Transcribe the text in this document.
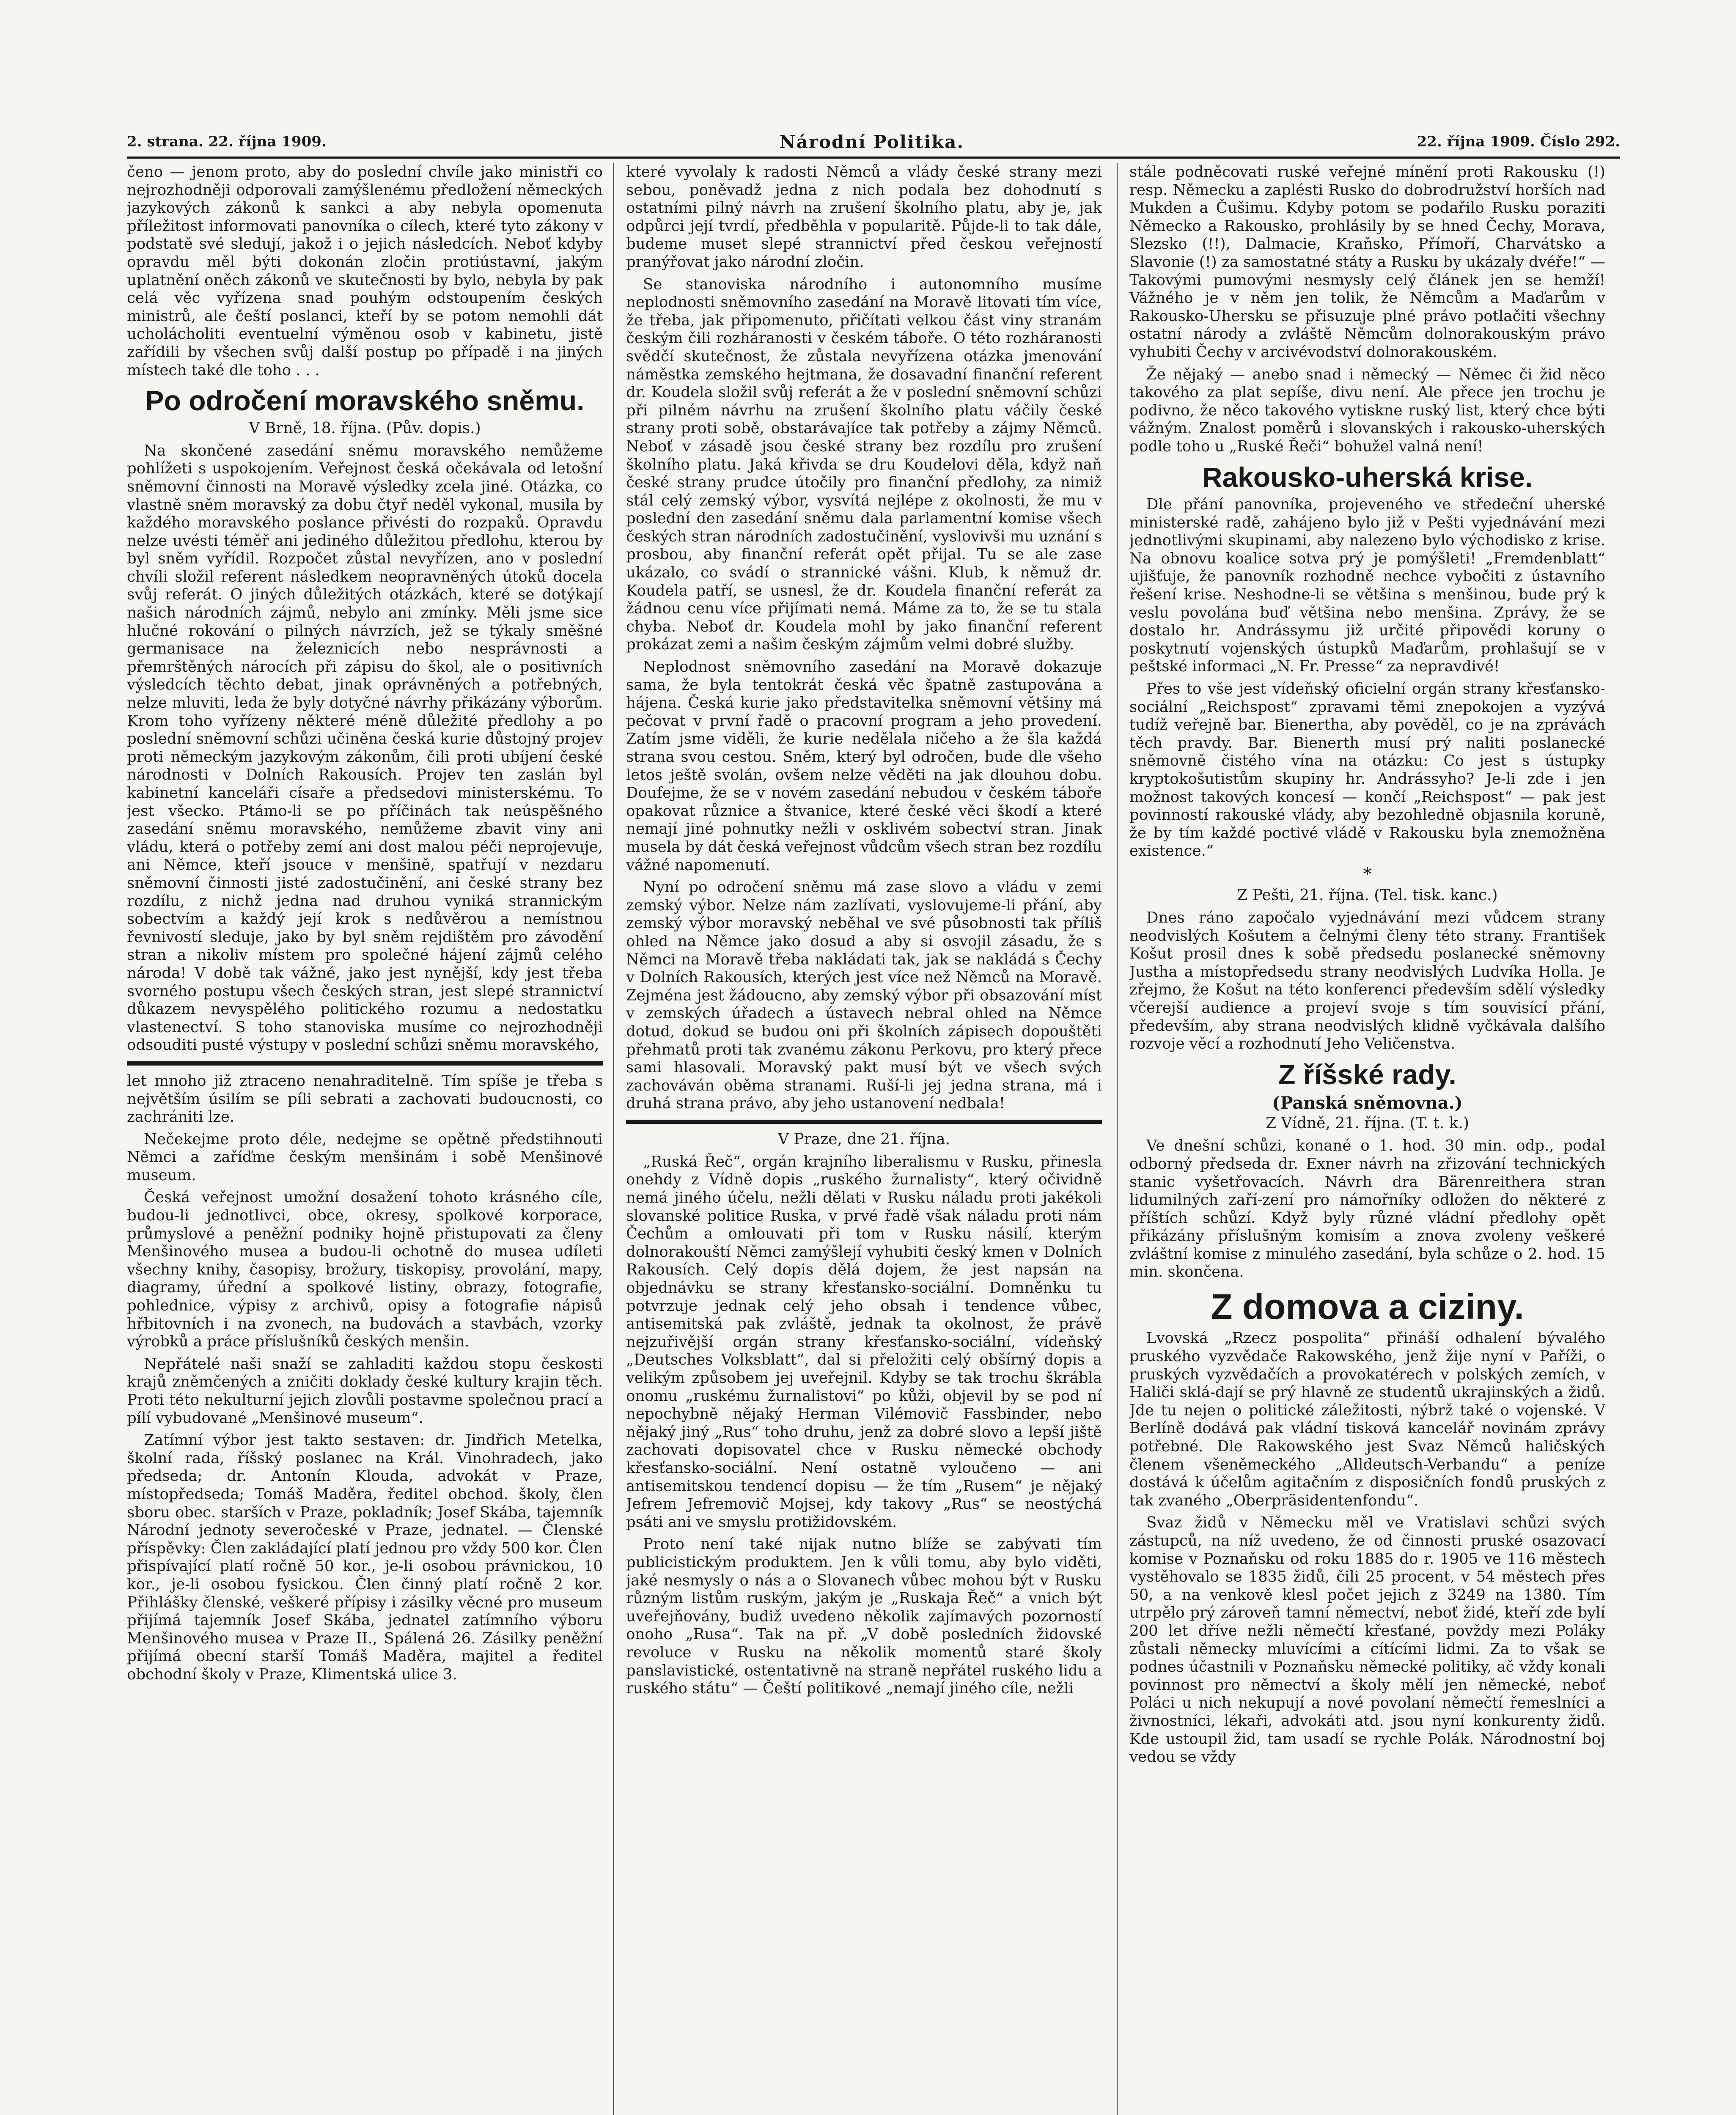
2. strana. 22. října 1909.	Národní Politika.	22. října 1909. Číslo 292.

čeno — jenom proto, aby do poslední chvíle jako ministři co nejrozhodněji odporovali zamýšlenému předložení německých jazykových zákonů k sankci a aby nebyla opomenuta příležitost informovati panovníka o cílech, které tyto zákony v podstatě své sledují, jakož i o jejich následcích. Neboť kdyby opravdu měl býti dokonán zločin protiústavní, jakým uplatnění oněch zákonů ve skutečnosti by bylo, nebyla by pak celá věc vyřízena snad pouhým odstoupením českých ministrů, ale čeští poslanci, kteří by se potom nemohli dát ucholácholiti eventuelní výměnou osob v kabinetu, jistě zařídili by všechen svůj další postup po případě i na jiných místech také dle toho . . .

Po odročení moravského sněmu.
V Brně, 18. října. (Pův. dopis.)

Na skončené zasedání sněmu moravského nemůžeme pohlížeti s uspokojením. Veřejnost česká očekávala od letošní sněmovní činnosti na Moravě výsledky zcela jiné. Otázka, co vlastně sněm moravský za dobu čtyř neděl vykonal, musila by každého moravského poslance přivésti do rozpaků. Opravdu nelze uvésti téměř ani jediného důležitou předlohu, kterou by byl sněm vyřídil. Rozpočet zůstal nevyřízen, ano v poslední chvíli složil referent následkem neopravněných útoků docela svůj referát. O jiných důležitých otázkách, které se dotýkají našich národních zájmů, nebylo ani zmínky. Měli jsme sice hlučné rokování o pilných návrzích, jež se týkaly směšné germanisace na železnicích nebo nesprávnosti a přemrštěných nárocích při zápisu do škol, ale o positivních výsledcích těchto debat, jinak oprávněných a potřebných, nelze mluviti, leda že byly dotyčné návrhy přikázány výborům. Krom toho vyřízeny některé méně důležité předlohy a po poslední sněmovní schůzi učiněna česká kurie důstojný projev proti německým jazykovým zákonům, čili proti ubíjení české národnosti v Dolních Rakousích. Projev ten zaslán byl kabinetní kanceláři císaře a předsedovi ministerskému. To jest všecko. Ptámo-li se po příčinách tak neúspěšného zasedání sněmu moravského, nemůžeme zbavit viny ani vládu, která o potřeby zemí ani dost malou péči neprojevuje, ani Němce, kteří jsouce v menšině, spatřují v nezdaru sněmovní činnosti jisté zadostučinění, ani české strany bez rozdílu, z nichž jedna nad druhou vyniká strannickým sobectvím a každý její krok s nedůvěrou a nemístnou řevnivostí sleduje, jako by byl sněm rejdištěm pro závodění stran a nikoliv místem pro společné hájení zájmů celého národa! V době tak vážné, jako jest nynější, kdy jest třeba svorného postupu všech českých stran, jest slepé strannictví důkazem nevyspělého politického rozumu a nedostatku vlastenectví. S toho stanoviska musíme co nejrozhodněji odsouditi pusté výstupy v poslední schůzi sněmu moravského,

let mnoho již ztraceno nenahraditelně. Tím spíše je třeba s největším úsilím se píli sebrati a zachovati budoucnosti, co zachrániti lze.

Nečekejme proto déle, nedejme se opětně předstihnouti Němci a zaříďme českým menšinám i sobě Menšinové museum.

Česká veřejnost umožní dosažení tohoto krásného cíle, budou-li jednotlivci, obce, okresy, spolkové korporace, průmyslové a peněžní podniky hojně přistupovati za členy Menšinového musea a budou-li ochotně do musea udíleti všechny knihy, časopisy, brožury, tiskopisy, provolání, mapy, diagramy, úřední a spolkové listiny, obrazy, fotografie, pohlednice, výpisy z archivů, opisy a fotografie nápisů hřbitovních i na zvonech, na budovách a stavbách, vzorky výrobků a práce příslušníků českých menšin.

Nepřátelé naši snaží se zahladiti každou stopu českosti krajů zněmčených a zničiti doklady české kultury krajin těch. Proti této nekulturní jejich zlovůli postavme společnou prací a pílí vybudované „Menšinové museum“.

Zatímní výbor jest takto sestaven: dr. Jindřich Metelka, školní rada, říšský poslanec na Král. Vinohradech, jako předseda; dr. Antonín Klouda, advokát v Praze, místopředseda; Tomáš Maděra, ředitel obchod. školy, člen sboru obec. starších v Praze, pokladník; Josef Skába, tajemník Národní jednoty severočeské v Praze, jednatel. — Členské příspěvky: Člen zakládající platí jednou pro vždy 500 kor. Člen přispívající platí ročně 50 kor., je-li osobou právnickou, 10 kor., je-li osobou fysickou. Člen činný platí ročně 2 kor. Přihlášky členské, veškeré přípisy i zásilky věcné pro museum přijímá tajemník Josef Skába, jednatel zatímního výboru Menšinového musea v Praze II., Spálená 26. Zásilky peněžní přijímá obecní starší Tomáš Maděra, majitel a ředitel obchodní školy v Praze, Klimentská ulice 3.

které vyvolaly k radosti Němců a vlády české strany mezi sebou, poněvadž jedna z nich podala bez dohodnutí s ostatními pilný návrh na zrušení školního platu, aby je, jak odpůrci její tvrdí, předběhla v popularitě. Půjde-li to tak dále, budeme muset slepé strannictví před českou veřejností pranýřovat jako národní zločin.

Se stanoviska národního i autonomního musíme neplodnosti sněmovního zasedání na Moravě litovati tím více, že třeba, jak připomenuto, přičítati velkou část viny stranám českým čili rozháranosti v českém táboře. O této rozháranosti svědčí skutečnost, že zůstala nevyřízena otázka jmenování náměstka zemského hejtmana, že dosavadní finanční referent dr. Koudela složil svůj referát a že v poslední sněmovní schůzi při pilném návrhu na zrušení školního platu váčily české strany proti sobě, obstarávajíce tak potřeby a zájmy Němců. Neboť v zásadě jsou české strany bez rozdílu pro zrušení školního platu. Jaká křivda se dru Koudelovi děla, když naň české strany prudce útočily pro finanční předlohy, za nimiž stál celý zemský výbor, vysvítá nejlépe z okolnosti, že mu v poslední den zasedání sněmu dala parlamentní komise všech českých stran národních zadostučinění, vyslovivši mu uznání s prosbou, aby finanční referát opět přijal. Tu se ale zase ukázalo, co svádí o strannické vášni. Klub, k němuž dr. Koudela patří, se usnesl, že dr. Koudela finanční referát za žádnou cenu více přijímati nemá. Máme za to, že se tu stala chyba. Neboť dr. Koudela mohl by jako finanční referent prokázat zemi a našim českým zájmům velmi dobré služby.

Neplodnost sněmovního zasedání na Moravě dokazuje sama, že byla tentokrát česká věc špatně zastupována a hájena. Česká kurie jako představitelka sněmovní většiny má pečovat v první řadě o pracovní program a jeho provedení. Zatím jsme viděli, že kurie nedělala ničeho a že šla každá strana svou cestou. Sněm, který byl odročen, bude dle všeho letos ještě svolán, ovšem nelze věděti na jak dlouhou dobu. Doufejme, že se v novém zasedání nebudou v českém táboře opakovat různice a štvanice, které české věci škodí a které nemají jiné pohnutky nežli v osklivém sobectví stran. Jinak musela by dát česká veřejnost vůdcům všech stran bez rozdílu vážné napomenutí.

Nyní po odročení sněmu má zase slovo a vládu v zemi zemský výbor. Nelze nám zazlívati, vyslovujeme-li přání, aby zemský výbor moravský neběhal ve své působnosti tak příliš ohled na Němce jako dosud a aby si osvojil zásadu, že s Němci na Moravě třeba nakládati tak, jak se nakládá s Čechy v Dolních Rakousích, kterých jest více než Němců na Moravě. Zejména jest žádoucno, aby zemský výbor při obsazování míst v zemských úřadech a ústavech nebral ohled na Němce dotud, dokud se budou oni při školních zápisech dopouštěti přehmatů proti tak zvanému zákonu Perkovu, pro který přece sami hlasovali. Moravský pakt musí být ve všech svých zachováván oběma stranami. Ruší-li jej jedna strana, má i druhá strana právo, aby jeho ustanovení nedbala!

V Praze, dne 21. října.

„Ruská Řeč“, orgán krajního liberalismu v Rusku, přinesla onehdy z Vídně dopis „ruského žurnalisty“, který očividně nemá jiného účelu, nežli dělati v Rusku náladu proti jakékoli slovanské politice Ruska, v prvé řadě však náladu proti nám Čechům a omlouvati při tom v Rusku násilí, kterým dolnorakouští Němci zamýšlejí vyhubiti český kmen v Dolních Rakousích. Celý dopis dělá dojem, že jest napsán na objednávku se strany křesťansko-sociální. Domněnku tu potvrzuje jednak celý jeho obsah i tendence vůbec, antisemitská pak zvláště, jednak ta okolnost, že právě nejzuřivější orgán strany křesťansko-sociální, vídeňský „Deutsches Volksblatt“, dal si přeložiti celý obšírný dopis a velikým způsobem jej uveřejnil. Kdyby se tak trochu škrábla onomu „ruskému žurnalistovi“ po kůži, objevil by se pod ní nepochybně nějaký Herman Vilémovič Fassbinder, nebo nějaký jiný „Rus“ toho druhu, jenž za dobré slovo a lepší jiště zachovati dopisovatel chce v Rusku německé obchody křesťansko-sociální. Není ostatně vyloučeno — ani antisemitskou tendencí dopisu — že tím „Rusem“ je nějaký Jefrem Jefremovič Mojsej, kdy takovy „Rus“ se neostýchá psáti ani ve smyslu protižidovském.

Proto není také nijak nutno blíže se zabývati tím publicistickým produktem. Jen k vůli tomu, aby bylo viděti, jaké nesmysly o nás a o Slovanech vůbec mohou být v Rusku různým listům ruským, jakým je „Ruskaja Řeč“ a vnich být uveřejňovány, budiž uvedeno několik zajímavých pozorností onoho „Rusa“. Tak na př. „V době posledních židovské revoluce v Rusku na několik momentů staré školy panslavistické, ostentativně na straně nepřátel ruského lidu a ruského státu“ — Čeští politikové „nemají jiného cíle, nežli

stále podněcovati ruské veřejné mínění proti Rakousku (!) resp. Německu a zaplésti Rusko do dobrodružství horších nad Mukden a Čušimu. Kdyby potom se podařilo Rusku poraziti Německo a Rakousko, prohlásily by se hned Čechy, Morava, Slezsko (!!), Dalmacie, Kraňsko, Přímoří, Charvátsko a Slavonie (!) za samostatné státy a Rusku by ukázaly dvéře!“ — Takovými pumovými nesmysly celý článek jen se hemží! Vážného je v něm jen tolik, že Němcům a Maďarům v Rakousko-Uhersku se přisuzuje plné právo potlačiti všechny ostatní národy a zvláště Němcům dolnorakouským právo vyhubiti Čechy v arcivévodství dolnorakouském.

Že nějaký — anebo snad i německý — Němec či žid něco takového za plat sepíše, divu není. Ale přece jen trochu je podivno, že něco takového vytiskne ruský list, který chce býti vážným. Znalost poměrů i slovanských i rakousko-uherských podle toho u „Ruské Řeči“ bohužel valná není!

Rakousko-uherská krise.

Dle přání panovníka, projeveného ve středeční uherské ministerské radě, zahájeno bylo již v Pešti vyjednávání mezi jednotlivými skupinami, aby nalezeno bylo východisko z krise. Na obnovu koalice sotva prý je pomýšleti! „Fremdenblatt“ ujišťuje, že panovník rozhodně nechce vybočiti z ústavního řešení krise. Neshodne-li se většina s menšinou, bude prý k veslu povolána buď většina nebo menšina. Zprávy, že se dostalo hr. Andrássymu již určité připovědi koruny o poskytnutí vojenských ústupků Maďarům, prohlašují se v peštské informaci „N. Fr. Presse“ za nepravdivé!

Přes to vše jest vídeňský oficielní orgán strany křesťansko-sociální „Reichspost“ zpravami těmi znepokojen a vyzývá tudíž veřejně bar. Bienertha, aby pověděl, co je na zprávách těch pravdy. Bar. Bienerth musí prý naliti poslanecké sněmovně čistého vína na otázku: Co jest s ústupky kryptokošutistům skupiny hr. Andrássyho? Je-li zde i jen možnost takových koncesí — končí „Reichspost“ — pak jest povinností rakouské vlády, aby bezohledně objasnila koruně, že by tím každé poctivé vládě v Rakousku byla znemožněna existence.“

*
Z Pešti, 21. října. (Tel. tisk. kanc.)

Dnes ráno započalo vyjednávání mezi vůdcem strany neodvislých Košutem a čelnými členy této strany. František Košut prosil dnes k sobě předsedu poslanecké sněmovny Justha a místopředsedu strany neodvislých Ludvíka Holla. Je zřejmo, že Košut na této konferenci především sdělí výsledky včerejší audience a projeví svoje s tím souvisící přání, především, aby strana neodvislých klidně vyčkávala dalšího rozvoje věcí a rozhodnutí Jeho Veličenstva.

Z říšské rady.
(Panská sněmovna.)
Z Vídně, 21. října. (T. t. k.)

Ve dnešní schůzi, konané o 1. hod. 30 min. odp., podal odborný předseda dr. Exner návrh na zřizování technických stanic vyšetřovacích. Návrh dra Bärenreithera stran lidumilných zaří-zení pro námořníky odložen do některé z příštích schůzí. Když byly různé vládní předlohy opět přikázány příslušným komisím a znova zvoleny veškeré zvláštní komise z minulého zasedání, byla schůze o 2. hod. 15 min. skončena.

Z domova a ciziny.

Lvovská „Rzecz pospolita“ přináší odhalení bývalého pruského vyzvědače Rakowského, jenž žije nyní v Paříži, o pruských vyzvědačích a provokatérech v polských zemích, v Haliči sklá-dají se prý hlavně ze studentů ukrajinských a židů. Jde tu nejen o politické záležitosti, nýbrž také o vojenské. V Berlíně dodává pak vládní tisková kancelář novinám zprávy potřebné. Dle Rakowského jest Svaz Němců haličských členem všeněmeckého „Alldeutsch-Verbandu“ a peníze dostává k účelům agitačním z disposičních fondů pruských z tak zvaného „Oberpräsidentenfondu“.

Svaz židů v Německu měl ve Vratislavi schůzi svých zástupců, na níž uvedeno, že od činnosti pruské osazovací komise v Poznaňsku od roku 1885 do r. 1905 ve 116 městech vystěhovalo se 1835 židů, čili 25 procent, v 54 městech přes 50, a na venkově klesl počet jejich z 3249 na 1380. Tím utrpělo prý zároveň tamní němectví, neboť židé, kteří zde bylí 200 let dříve nežli němečtí křesťané, povždy mezi Poláky zůstali německy mluvícími a cítícími lidmi. Za to však se podnes účastnili v Poznaňsku německé politiky, ač vždy konali povinnost pro němectví a školy mělí jen německé, neboť Poláci u nich nekupují a nové povolaní němečtí řemeslníci a živnostníci, lékaři, advokáti atd. jsou nyní konkurenty židů. Kde ustoupil žid, tam usadí se rychle Polák. Národnostní boj vedou se vždy
